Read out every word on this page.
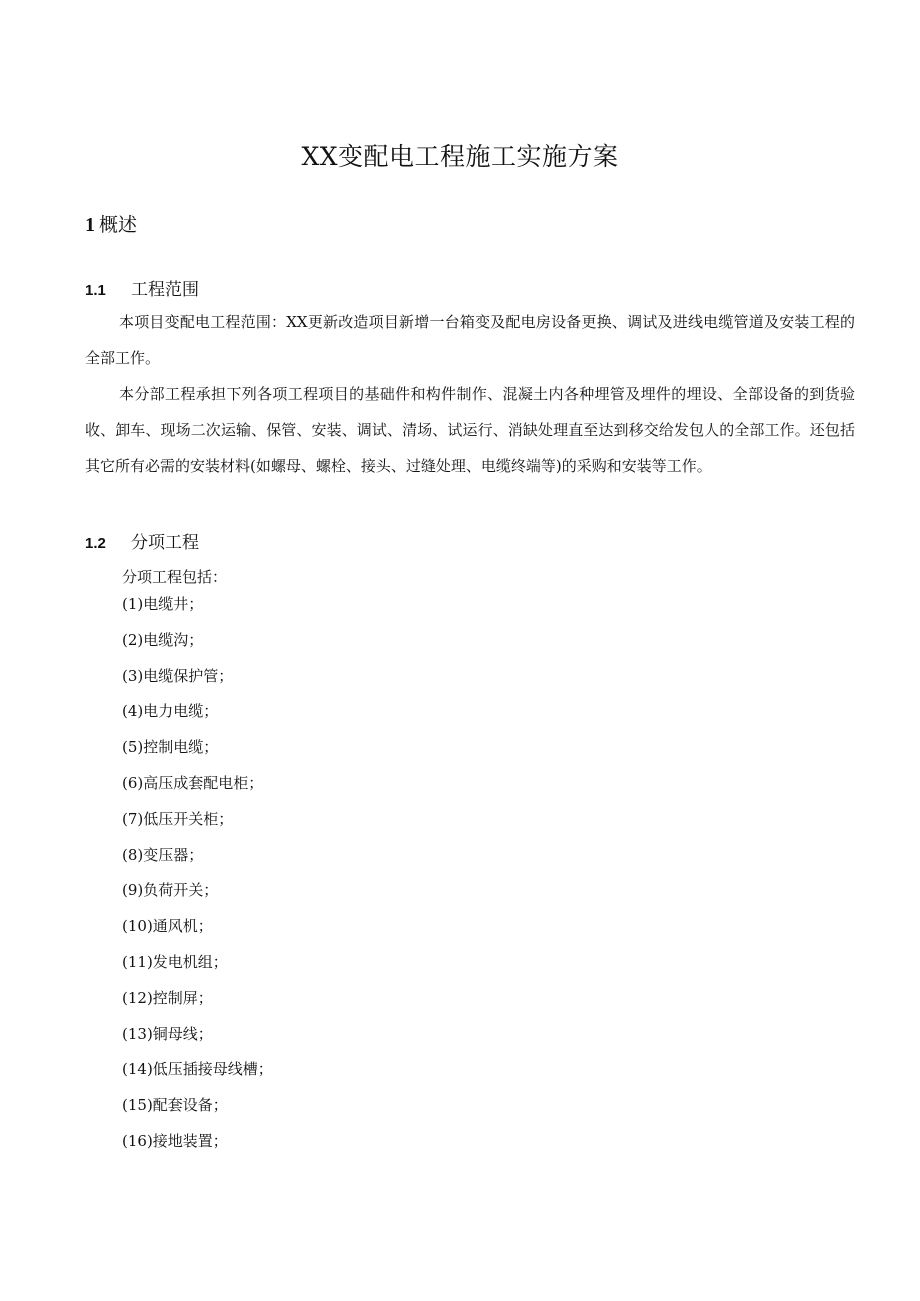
XX变配电工程施工实施方案
1 概述
1.1 工程范围
本项目变配电工程范围：XX更新改造项目新增一台箱变及配电房设备更换、调试及进线电缆管道及安装工程的全部工作。
本分部工程承担下列各项工程项目的基础件和构件制作、混凝土内各种埋管及埋件的埋设、全部设备的到货验收、卸车、现场二次运输、保管、安装、调试、清场、试运行、消缺处理直至达到移交给发包人的全部工作。还包括其它所有必需的安装材料(如螺母、螺栓、接头、过缝处理、电缆终端等)的采购和安装等工作。
1.2 分项工程
分项工程包括：
(1)电缆井；
(2)电缆沟；
(3)电缆保护管；
(4)电力电缆；
(5)控制电缆；
(6)高压成套配电柜；
(7)低压开关柜；
(8)变压器；
(9)负荷开关；
(10)通风机；
(11)发电机组；
(12)控制屏；
(13)铜母线；
(14)低压插接母线槽；
(15)配套设备；
(16)接地装置；
